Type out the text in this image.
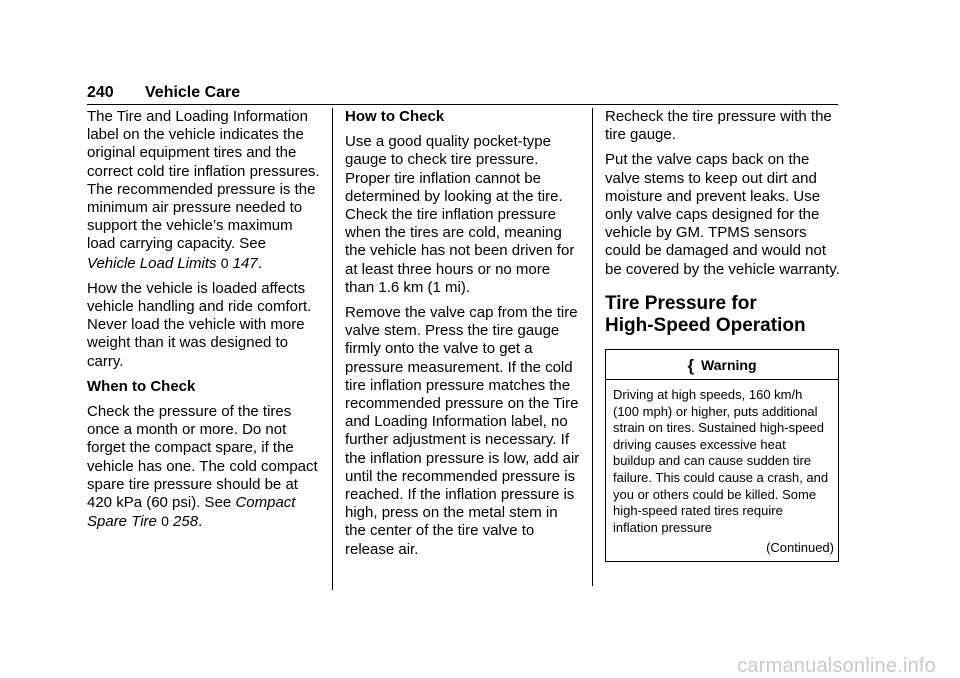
240 Vehicle Care

The Tire and Loading Information label on the vehicle indicates the original equipment tires and the correct cold tire inflation pressures. The recommended pressure is the minimum air pressure needed to support the vehicle’s maximum load carrying capacity. See
Vehicle Load Limits 0 147.

How the vehicle is loaded affects vehicle handling and ride comfort. Never load the vehicle with more weight than it was designed to carry.

When to Check

Check the pressure of the tires once a month or more. Do not forget the compact spare, if the vehicle has one. The cold compact spare tire pressure should be at 420 kPa (60 psi). See Compact Spare Tire 0 258.

How to Check

Use a good quality pocket-type gauge to check tire pressure. Proper tire inflation cannot be determined by looking at the tire. Check the tire inflation pressure when the tires are cold, meaning the vehicle has not been driven for at least three hours or no more than 1.6 km (1 mi).

Remove the valve cap from the tire valve stem. Press the tire gauge firmly onto the valve to get a pressure measurement. If the cold tire inflation pressure matches the recommended pressure on the Tire and Loading Information label, no further adjustment is necessary. If the inflation pressure is low, add air until the recommended pressure is reached. If the inflation pressure is high, press on the metal stem in the center of the tire valve to release air.

Recheck the tire pressure with the tire gauge.

Put the valve caps back on the valve stems to keep out dirt and moisture and prevent leaks. Use only valve caps designed for the vehicle by GM. TPMS sensors could be damaged and would not be covered by the vehicle warranty.

Tire Pressure for
High-Speed Operation
{ Warning
Driving at high speeds, 160 km/h (100 mph) or higher, puts additional strain on tires. Sustained high-speed driving causes excessive heat buildup and can cause sudden tire failure. This could cause a crash, and you or others could be killed. Some high-speed rated tires require inflation pressure
(Continued)
carmanualsonline.info
